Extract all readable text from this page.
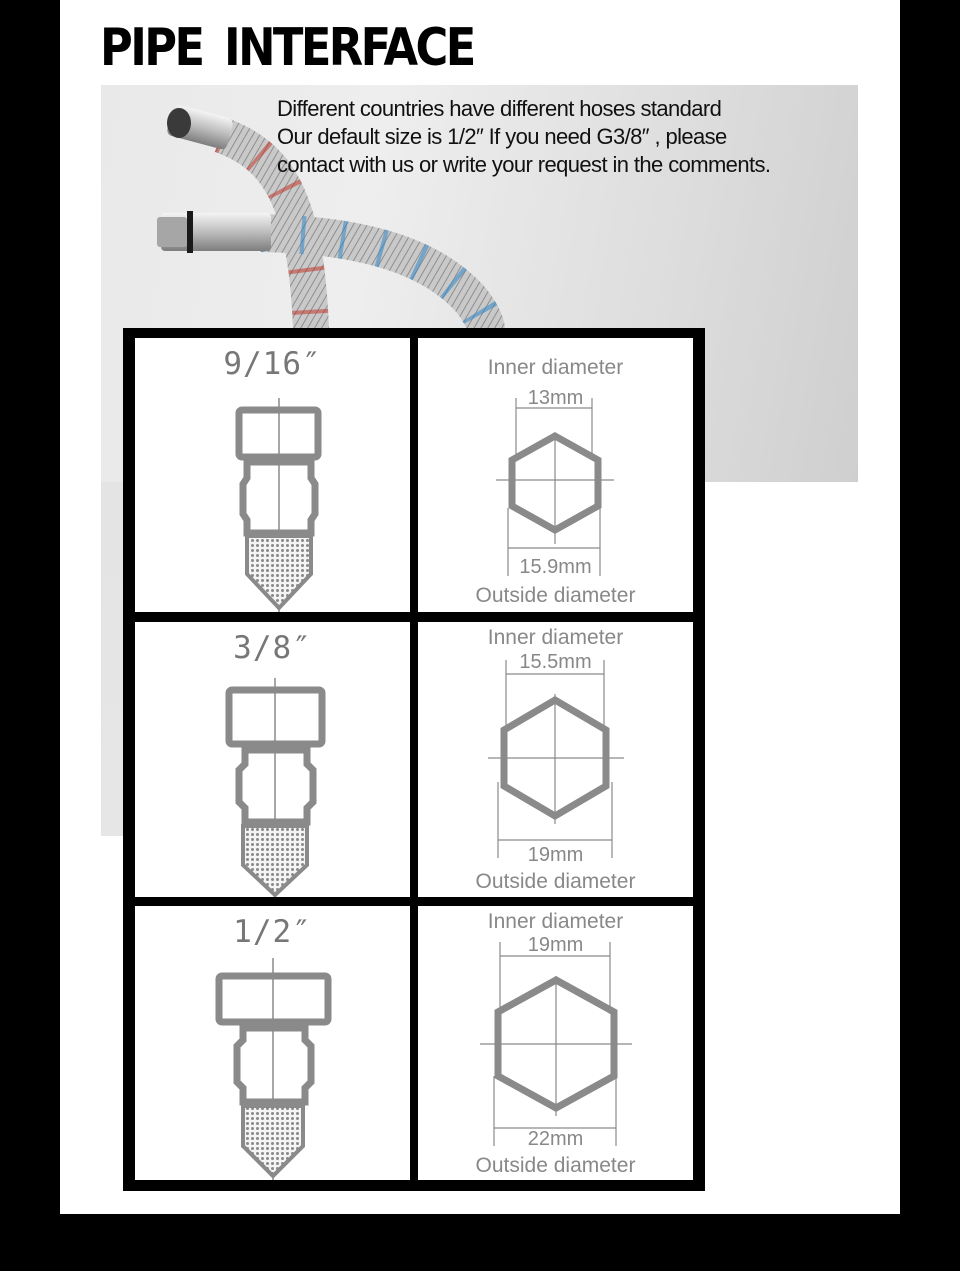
PIPE INTERFACE
Different countries have different hoses standard
Our default size is 1/2″ If you need G3/8″ , please
contact with us or write your request in the comments.
9/16″	Inner diameter
13mm
15.9mm
Outside diameter
3/8″	Inner diameter
15.5mm
19mm
Outside diameter
1/2″	Inner diameter
19mm
22mm
Outside diameter
